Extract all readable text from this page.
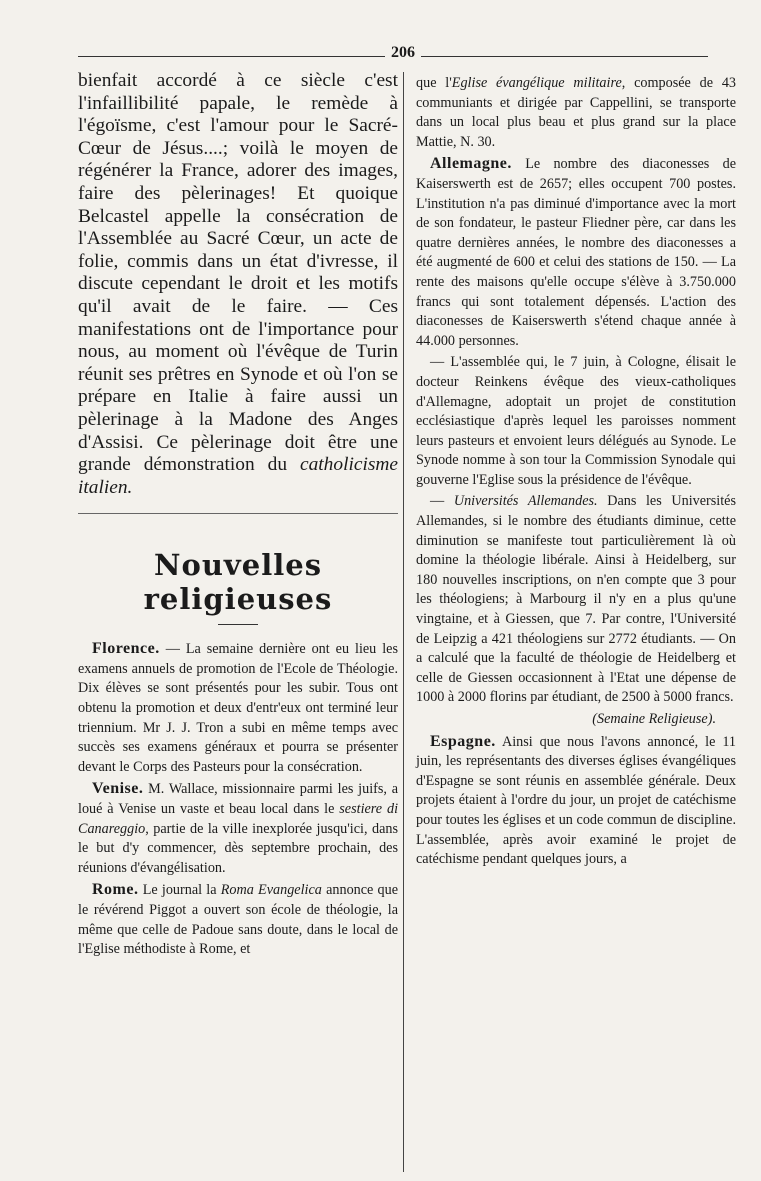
206

bienfait accordé à ce siècle c'est l'infaillibilité papale, le remède à l'égoïsme, c'est l'amour pour le Sacré-Cœur de Jésus....; voilà le moyen de régénérer la France, adorer des images, faire des pèlerinages! Et quoique Belcastel appelle la consécration de l'Assemblée au Sacré Cœur, un acte de folie, commis dans un état d'ivresse, il discute cependant le droit et les motifs qu'il avait de le faire. — Ces manifestations ont de l'importance pour nous, au moment où l'évêque de Turin réunit ses prêtres en Synode et où l'on se prépare en Italie à faire aussi un pèlerinage à la Madone des Anges d'Assisi. Ce pèlerinage doit être une grande démonstration du catholicisme italien.

Nouvelles religieuses

Florence. — La semaine dernière ont eu lieu les examens annuels de promotion de l'Ecole de Théologie. Dix élèves se sont présentés pour les subir. Tous ont obtenu la promotion et deux d'entr'eux ont terminé leur triennium. Mr J. J. Tron a subi en même temps avec succès ses examens généraux et pourra se présenter devant le Corps des Pasteurs pour la consécration.

Venise. M. Wallace, missionnaire parmi les juifs, a loué à Venise un vaste et beau local dans le sestiere di Canareggio, partie de la ville inexplorée jusqu'ici, dans le but d'y commencer, dès septembre prochain, des réunions d'évangélisation.

Rome. Le journal la Roma Evangelica annonce que le révérend Piggot a ouvert son école de théologie, la même que celle de Padoue sans doute, dans le local de l'Eglise méthodiste à Rome, et

que l'Eglise évangélique militaire, composée de 43 communiants et dirigée par Cappellini, se transporte dans un local plus beau et plus grand sur la place Mattie, N. 30.

Allemagne. Le nombre des diaconesses de Kaiserswerth est de 2657; elles occupent 700 postes. L'institution n'a pas diminué d'importance avec la mort de son fondateur, le pasteur Fliedner père, car dans les quatre dernières années, le nombre des diaconesses a été augmenté de 600 et celui des stations de 150. — La rente des maisons qu'elle occupe s'élève à 3.750.000 francs qui sont totalement dépensés. L'action des diaconesses de Kaiserswerth s'étend chaque année à 44.000 personnes.

— L'assemblée qui, le 7 juin, à Cologne, élisait le docteur Reinkens évêque des vieux-catholiques d'Allemagne, adoptait un projet de constitution ecclésiastique d'après lequel les paroisses nomment leurs pasteurs et envoient leurs délégués au Synode. Le Synode nomme à son tour la Commission Synodale qui gouverne l'Eglise sous la présidence de l'évêque.

— Universités Allemandes. Dans les Universités Allemandes, si le nombre des étudiants diminue, cette diminution se manifeste tout particulièrement là où domine la théologie libérale. Ainsi à Heidelberg, sur 180 nouvelles inscriptions, on n'en compte que 3 pour les théologiens; à Marbourg il n'y en a plus qu'une vingtaine, et à Giessen, que 7. Par contre, l'Université de Leipzig a 421 théologiens sur 2772 étudiants. — On a calculé que la faculté de théologie de Heidelberg et celle de Giessen occasionnent à l'Etat une dépense de 1000 à 2000 florins par étudiant, de 2500 à 5000 francs.

(Semaine Religieuse).

Espagne. Ainsi que nous l'avons annoncé, le 11 juin, les représentants des diverses églises évangéliques d'Espagne se sont réunis en assemblée générale. Deux projets étaient à l'ordre du jour, un projet de catéchisme pour toutes les églises et un code commun de discipline. L'assemblée, après avoir examiné le projet de catéchisme pendant quelques jours, a
